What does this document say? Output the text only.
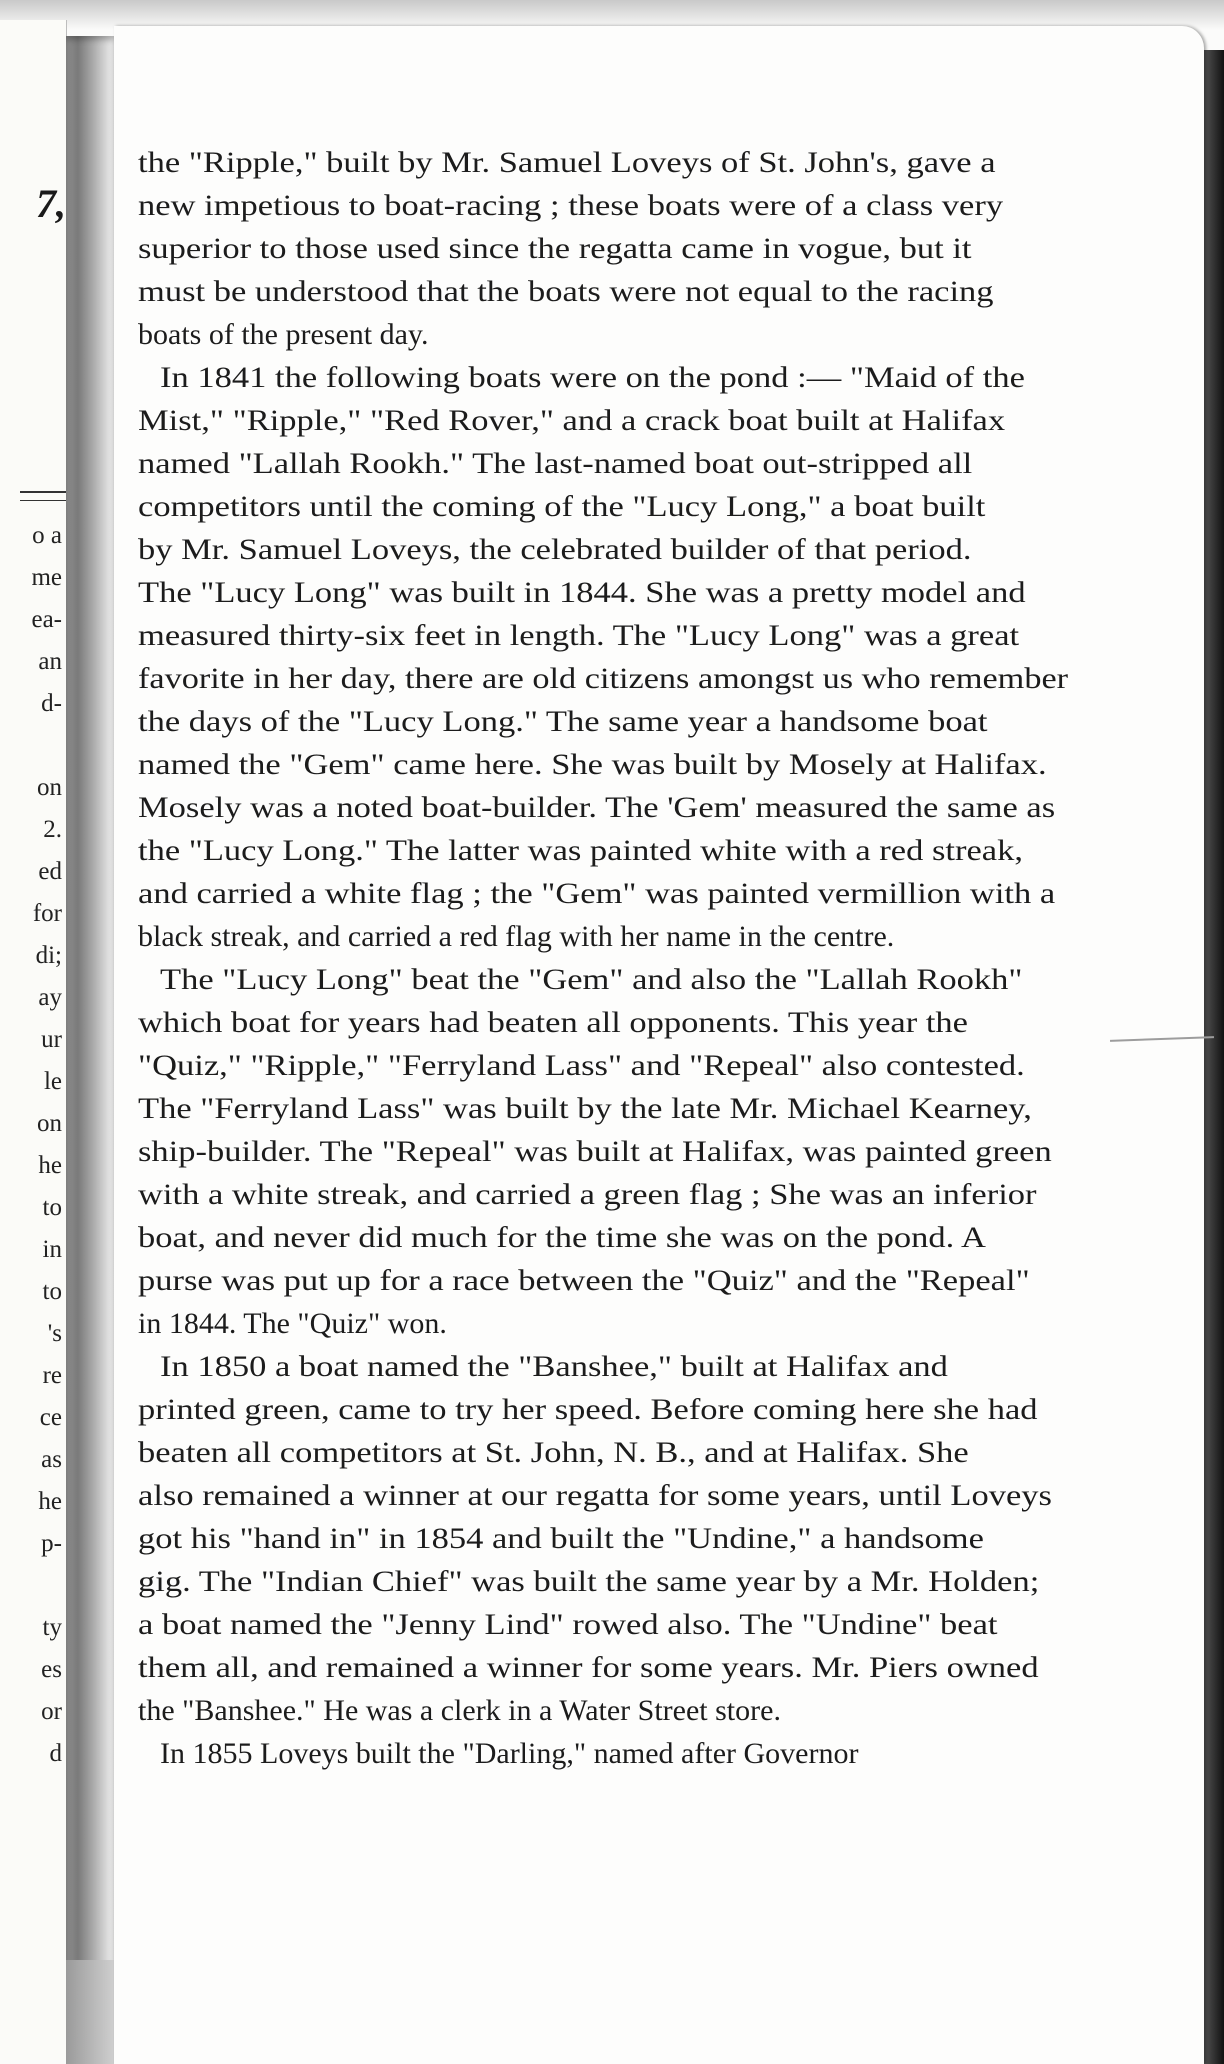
7,
o a
me
ea-
an
d-
on
2.
ed
for
di;
ay
ur
le
on
he
to
in
to
's
re
ce
as
he
p-
ty
es
or
d
the "Ripple," built by Mr. Samuel Loveys of St. John's, gave a
new impetious to boat-racing ; these boats were of a class very
superior to those used since the regatta came in vogue, but it
must be understood that the boats were not equal to the racing
boats of the present day.
In 1841 the following boats were on the pond :— "Maid of the
Mist," "Ripple," "Red Rover," and a crack boat built at Halifax
named "Lallah Rookh." The last-named boat out-stripped all
competitors until the coming of the "Lucy Long," a boat built
by Mr. Samuel Loveys, the celebrated builder of that period.
The "Lucy Long" was built in 1844. She was a pretty model and
measured thirty-six feet in length. The "Lucy Long" was a great
favorite in her day, there are old citizens amongst us who remember
the days of the "Lucy Long." The same year a handsome boat
named the "Gem" came here. She was built by Mosely at Halifax.
Mosely was a noted boat-builder. The 'Gem' measured the same as
the "Lucy Long." The latter was painted white with a red streak,
and carried a white flag ; the "Gem" was painted vermillion with a
black streak, and carried a red flag with her name in the centre.
The "Lucy Long" beat the "Gem" and also the "Lallah Rookh"
which boat for years had beaten all opponents. This year the
"Quiz," "Ripple," "Ferryland Lass" and "Repeal" also contested.
The "Ferryland Lass" was built by the late Mr. Michael Kearney,
ship-builder. The "Repeal" was built at Halifax, was painted green
with a white streak, and carried a green flag ; She was an inferior
boat, and never did much for the time she was on the pond. A
purse was put up for a race between the "Quiz" and the "Repeal"
in 1844. The "Quiz" won.
In 1850 a boat named the "Banshee," built at Halifax and
printed green, came to try her speed. Before coming here she had
beaten all competitors at St. John, N. B., and at Halifax. She
also remained a winner at our regatta for some years, until Loveys
got his "hand in" in 1854 and built the "Undine," a handsome
gig. The "Indian Chief" was built the same year by a Mr. Holden;
a boat named the "Jenny Lind" rowed also. The "Undine" beat
them all, and remained a winner for some years. Mr. Piers owned
the "Banshee." He was a clerk in a Water Street store.
In 1855 Loveys built the "Darling," named after Governor
